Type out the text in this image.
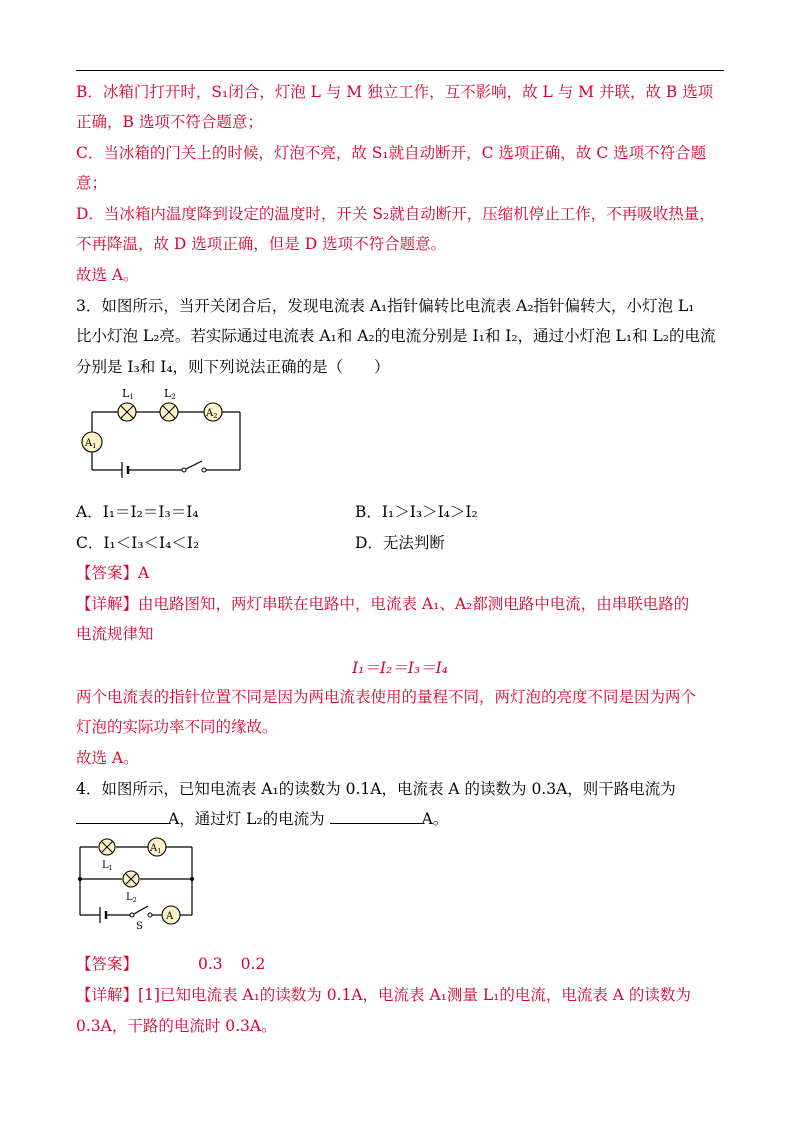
B．冰箱门打开时，S₁闭合，灯泡 L 与 M 独立工作，互不影响，故 L 与 M 并联，故 B 选项
正确，B 选项不符合题意；
C．当冰箱的门关上的时候，灯泡不亮，故 S₁就自动断开，C 选项正确，故 C 选项不符合题
意；
D．当冰箱内温度降到设定的温度时，开关 S₂就自动断开，压缩机停止工作，不再吸收热量，
不再降温，故 D 选项正确，但是 D 选项不符合题意。
故选 A。
3．如图所示，当开关闭合后，发现电流表 A₁指针偏转比电流表 A₂指针偏转大，小灯泡 L₁
比小灯泡 L₂亮。若实际通过电流表 A₁和 A₂的电流分别是 I₁和 I₂，通过小灯泡 L₁和 L₂的电流
分别是 I₃和 I₄，则下列说法正确的是（　　）
L1	L2
$A_2$
$A_1$
A．I₁＝I₂＝I₃＝I₄	B．I₁＞I₃＞I₄＞I₂
C．I₁＜I₃＜I₄＜I₂	D．无法判断
【答案】A
【详解】由电路图知，两灯串联在电路中，电流表 A₁、A₂都测电路中电流，由串联电路的
电流规律知
I₁＝I₂＝I₃＝I₄
两个电流表的指针位置不同是因为两电流表使用的量程不同，两灯泡的亮度不同是因为两个
灯泡的实际功率不同的缘故。
故选 A。
4．如图所示，已知电流表 A₁的读数为 0.1A，电流表 A 的读数为 0.3A，则干路电流为
A，通过灯 L₂的电流为	A。
S
$L_1$
$A_1$
$L_2$
A
【答案】	0.3 0.2
【详解】[1]已知电流表 A₁的读数为 0.1A，电流表 A₁测量 L₁的电流，电流表 A 的读数为
0.3A，干路的电流时 0.3A。
